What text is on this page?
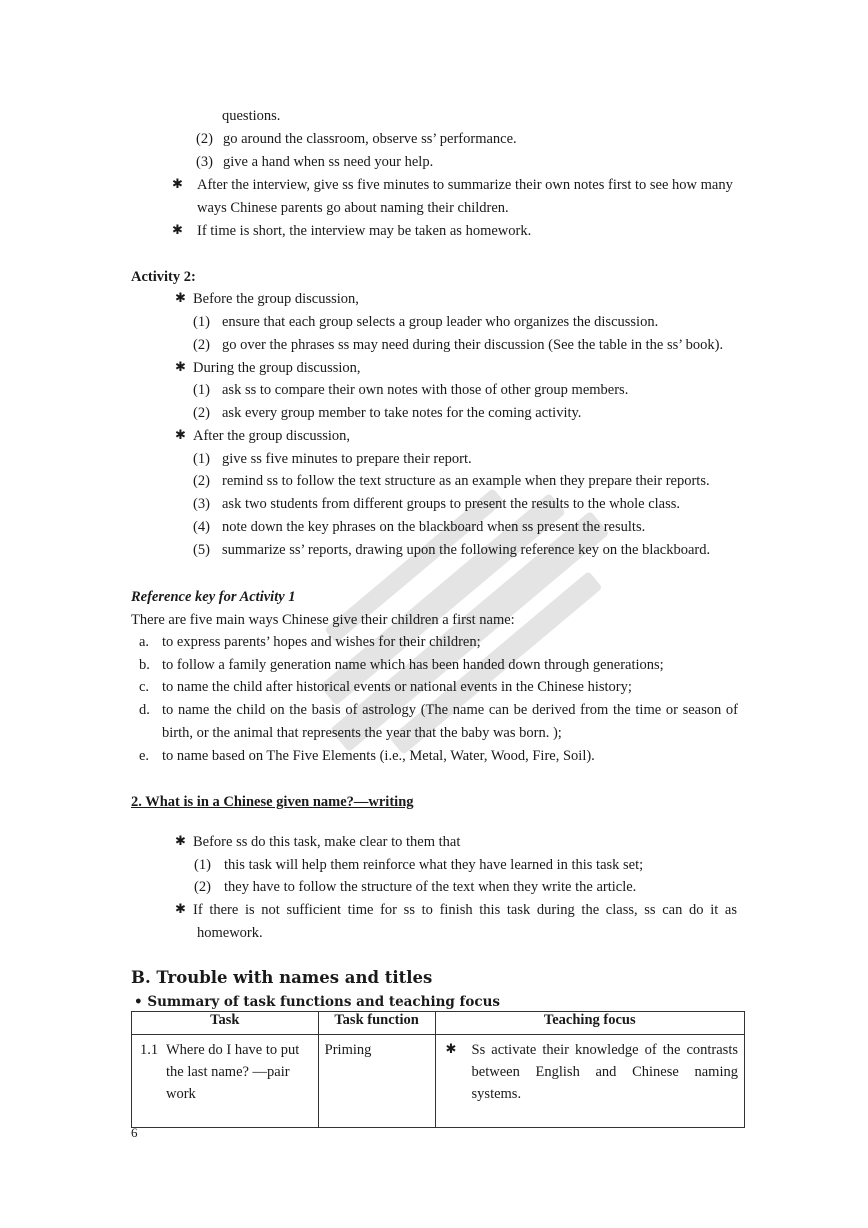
questions.
(2) go around the classroom, observe ss’ performance.
(3) give a hand when ss need your help.
✱ After the interview, give ss five minutes to summarize their own notes first to see how many
ways Chinese parents go about naming their children.
✱ If time is short, the interview may be taken as homework.
Activity 2:
✱ Before the group discussion,
(1) ensure that each group selects a group leader who organizes the discussion.
(2) go over the phrases ss may need during their discussion (See the table in the ss’ book).
✱ During the group discussion,
(1) ask ss to compare their own notes with those of other group members.
(2) ask every group member to take notes for the coming activity.
✱ After the group discussion,
(1) give ss five minutes to prepare their report.
(2) remind ss to follow the text structure as an example when they prepare their reports.
(3) ask two students from different groups to present the results to the whole class.
(4) note down the key phrases on the blackboard when ss present the results.
(5) summarize ss’ reports, drawing upon the following reference key on the blackboard.
Reference key for Activity 1
There are five main ways Chinese give their children a first name:
a. to express parents’ hopes and wishes for their children;
b. to follow a family generation name which has been handed down through generations;
c. to name the child after historical events or national events in the Chinese history;
d. to name the child on the basis of astrology (The name can be derived from the time or season of
birth, or the animal that represents the year that the baby was born. );
e. to name based on The Five Elements (i.e., Metal, Water, Wood, Fire, Soil).
2. What is in a Chinese given name?—writing
✱ Before ss do this task, make clear to them that
(1) this task will help them reinforce what they have learned in this task set;
(2) they have to follow the structure of the text when they write the article.
✱ If there is not sufficient time for ss to finish this task during the class, ss can do it as
homework.
B. Trouble with names and titles
• Summary of task functions and teaching focus
Task	Task function	Teaching focus

1.1 Where do I have to put the last name? —pair work	Priming	✱ Ss activate their knowledge of the contrasts between English and Chinese naming systems.
6
